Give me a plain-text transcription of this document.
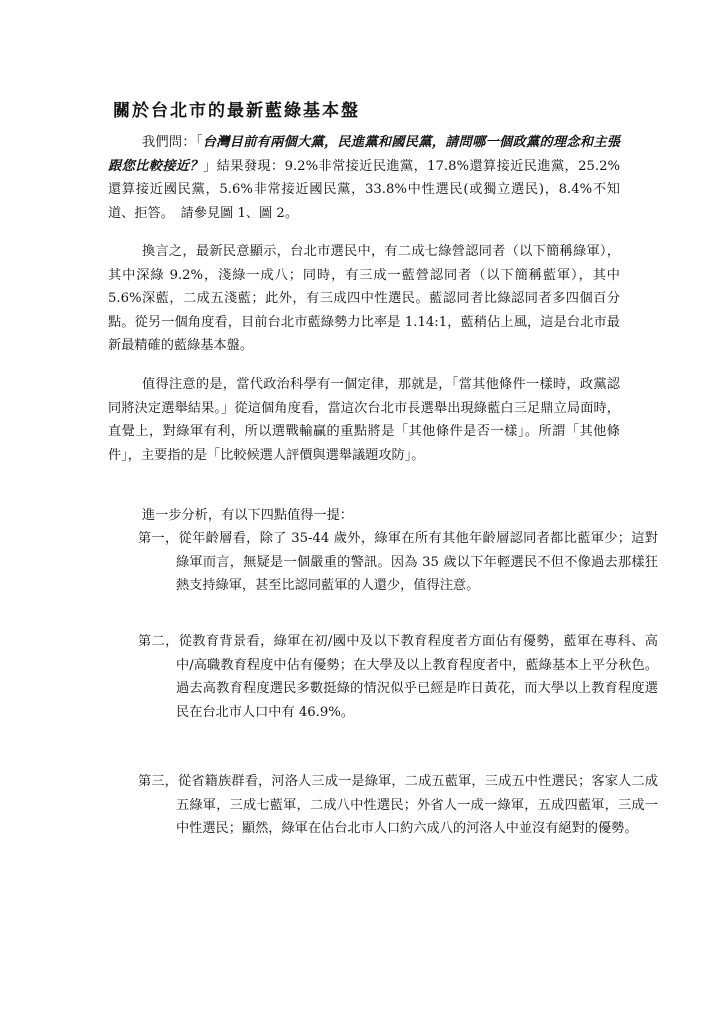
關於台北市的最新藍綠基本盤

我們問：「台灣目前有兩個大黨，民進黨和國民黨，請問哪一個政黨的理念和主張跟您比較接近？」結果發現：9.2%非常接近民進黨，17.8%還算接近民進黨，25.2%還算接近國民黨，5.6%非常接近國民黨，33.8%中性選民(或獨立選民)，8.4%不知道、拒答。　請參見圖 1、圖 2。

換言之，最新民意顯示，台北市選民中，有二成七綠營認同者（以下簡稱綠軍），其中深綠 9.2%，淺綠一成八；同時，有三成一藍營認同者（以下簡稱藍軍），其中 5.6%深藍，二成五淺藍；此外，有三成四中性選民。藍認同者比綠認同者多四個百分點。從另一個角度看，目前台北市藍綠勢力比率是 1.14:1，藍稍佔上風，這是台北市最新最精確的藍綠基本盤。

值得注意的是，當代政治科學有一個定律，那就是，「當其他條件一樣時，政黨認同將決定選舉結果。」從這個角度看，當這次台北市長選舉出現綠藍白三足鼎立局面時，直覺上，對綠軍有利，所以選戰輸贏的重點將是「其他條件是否一樣」。所謂「其他條件」，主要指的是「比較候選人評價與選舉議題攻防」。

進一步分析，有以下四點值得一提：

第一，從年齡層看，除了 35-44 歲外，綠軍在所有其他年齡層認同者都比藍軍少；這對綠軍而言，無疑是一個嚴重的警訊。因為 35 歲以下年輕選民不但不像過去那樣狂熱支持綠軍，甚至比認同藍軍的人還少，值得注意。

第二，從教育背景看，綠軍在初/國中及以下教育程度者方面佔有優勢，藍軍在專科、高中/高職教育程度中佔有優勢；在大學及以上教育程度者中，藍綠基本上平分秋色。過去高教育程度選民多數挺綠的情況似乎已經是昨日黃花，而大學以上教育程度選民在台北市人口中有 46.9%。

第三，從省籍族群看，河洛人三成一是綠軍，二成五藍軍，三成五中性選民；客家人二成五綠軍，三成七藍軍，二成八中性選民；外省人一成一綠軍，五成四藍軍，三成一中性選民；顯然，綠軍在佔台北市人口約六成八的河洛人中並沒有絕對的優勢。
